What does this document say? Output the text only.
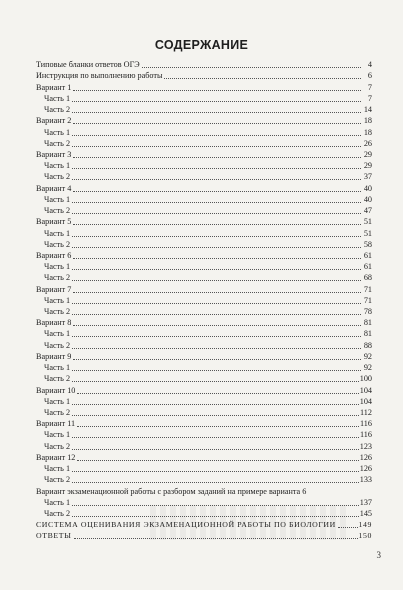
СОДЕРЖАНИЕ
Типовые бланки ответов ОГЭ	4
Инструкция по выполнению работы	6
Вариант 1	7
Часть 1	7
Часть 2	14
Вариант 2	18
Часть 1	18
Часть 2	26
Вариант 3	29
Часть 1	29
Часть 2	37
Вариант 4	40
Часть 1	40
Часть 2	47
Вариант 5	51
Часть 1	51
Часть 2	58
Вариант 6	61
Часть 1	61
Часть 2	68
Вариант 7	71
Часть 1	71
Часть 2	78
Вариант 8	81
Часть 1	81
Часть 2	88
Вариант 9	92
Часть 1	92
Часть 2	100
Вариант 10	104
Часть 1	104
Часть 2	112
Вариант 11	116
Часть 1	116
Часть 2	123
Вариант 12	126
Часть 1	126
Часть 2	133
Вариант экзаменационной работы с разбором заданий на примере варианта 6
Часть 1	137
Часть 2	145
СИСТЕМА ОЦЕНИВАНИЯ ЭКЗАМЕНАЦИОННОЙ РАБОТЫ ПО БИОЛОГИИ	149
ОТВЕТЫ	150
3
